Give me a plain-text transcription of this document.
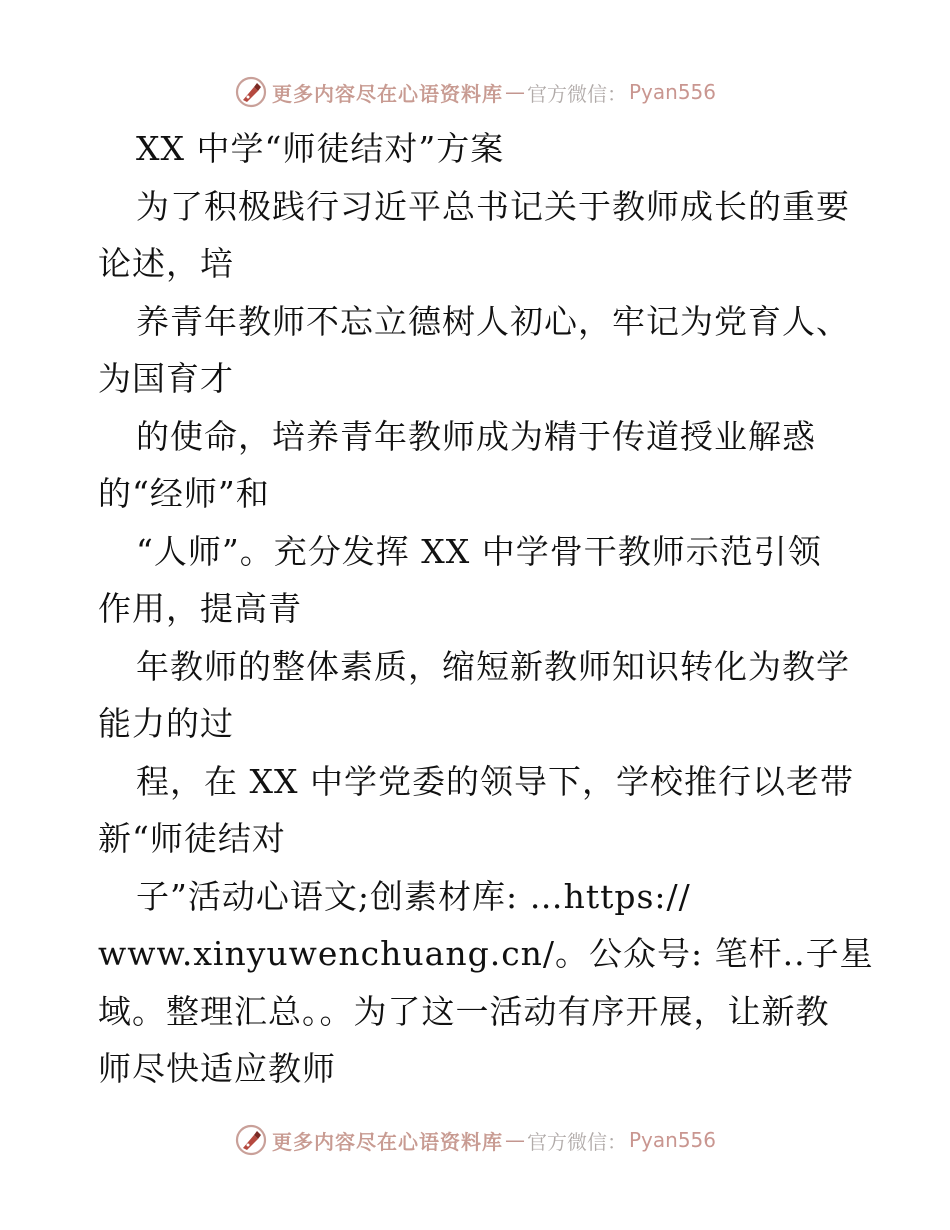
更多内容尽在心语资料库 — 官方微信： Pyan556
XX 中学“师徒结对”方案
为了积极践行习近平总书记关于教师成长的重要
论述，培
养青年教师不忘立德树人初心，牢记为党育人、
为国育才
的使命，培养青年教师成为精于传道授业解惑
的“经师”和
“人师”。充分发挥 XX 中学骨干教师示范引领
作用，提高青
年教师的整体素质，缩短新教师知识转化为教学
能力的过
程，在 XX 中学党委的领导下，学校推行以老带
新“师徒结对
子”活动心语文;创素材库: …https://
www.xinyuwenchuang.cn/。公众号: 笔杆..子星
域。整理汇总。。为了这一活动有序开展，让新教
师尽快适应教师
更多内容尽在心语资料库 — 官方微信： Pyan556
